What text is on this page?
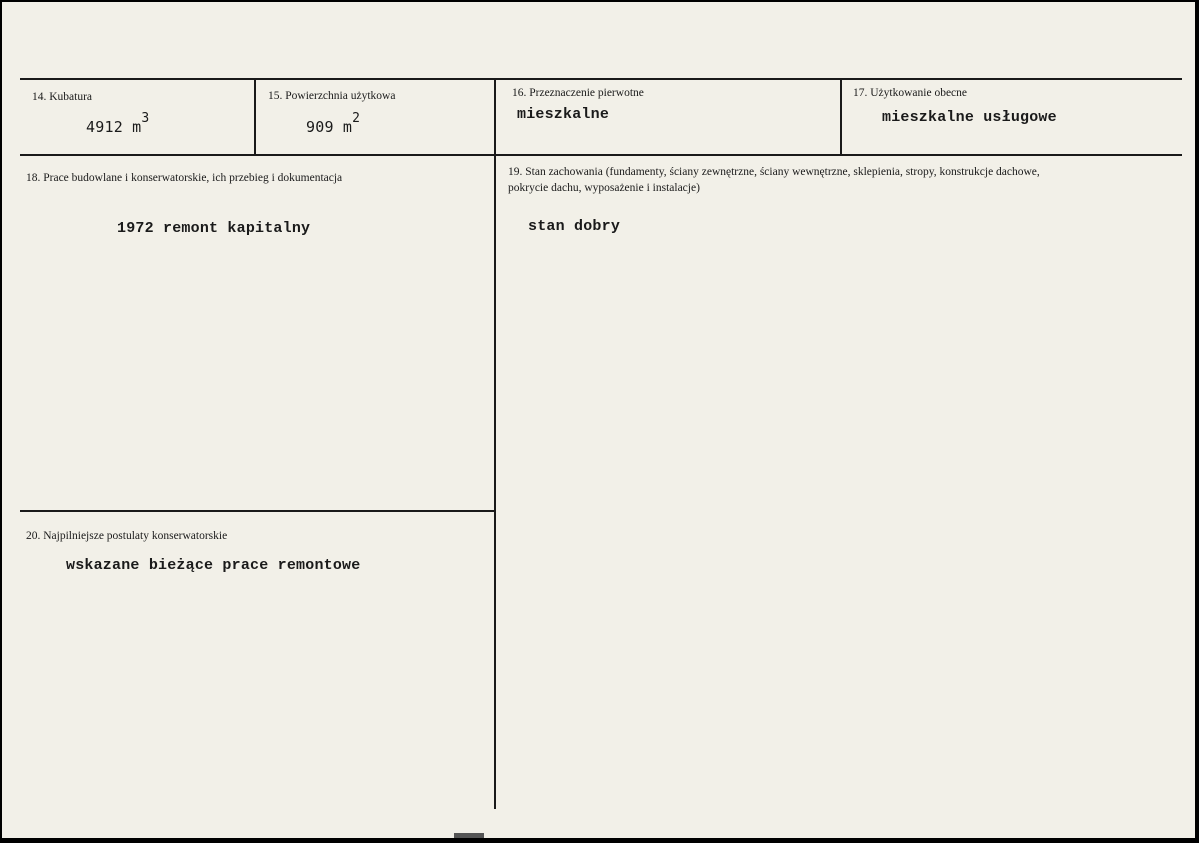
14. Kubatura
4912 $m^3$
15. Powierzchnia użytkowa
909 $m^2$
16. Przeznaczenie pierwotne
mieszkalne
17. Użytkowanie obecne
mieszkalne usługowe
18. Prace budowlane i konserwatorskie, ich przebieg i dokumentacja
1972 remont kapitalny
19. Stan zachowania (fundamenty, ściany zewnętrzne, ściany wewnętrzne, sklepienia, stropy, konstrukcje dachowe, pokrycie dachu, wyposażenie i instalacje)
stan dobry
20. Najpilniejsze postulaty konserwatorskie
wskazane bieżące prace remontowe
